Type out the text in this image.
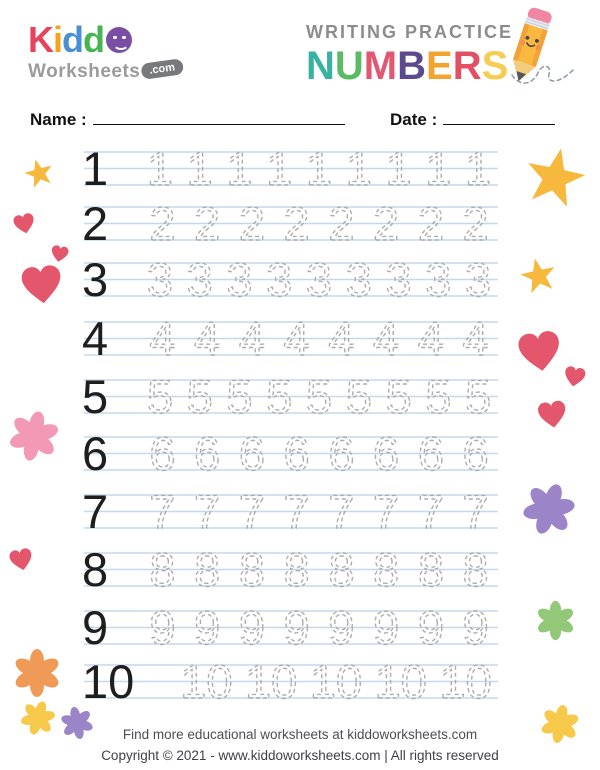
K i d d
Worksheets .com
WRITING PRACTICE
NUMBERS
Name :	Date :
1 1 1 1 1 1 1 1 1 1
2 2 2 2 2 2 2 2 2
3 3 3 3 3 3 3 3 3 3
4 4 4 4 4 4 4 4 4
5 5 5 5 5 5 5 5 5 5
6 6 6 6 6 6 6 6 6
7 7 7 7 7 7 7 7 7
8 8 8 8 8 8 8 8 8
9 9 9 9 9 9 9 9 9
10 10 10 10 10 10
Find more educational worksheets at kiddoworksheets.com
Copyright © 2021 - www.kiddoworksheets.com | All rights reserved
